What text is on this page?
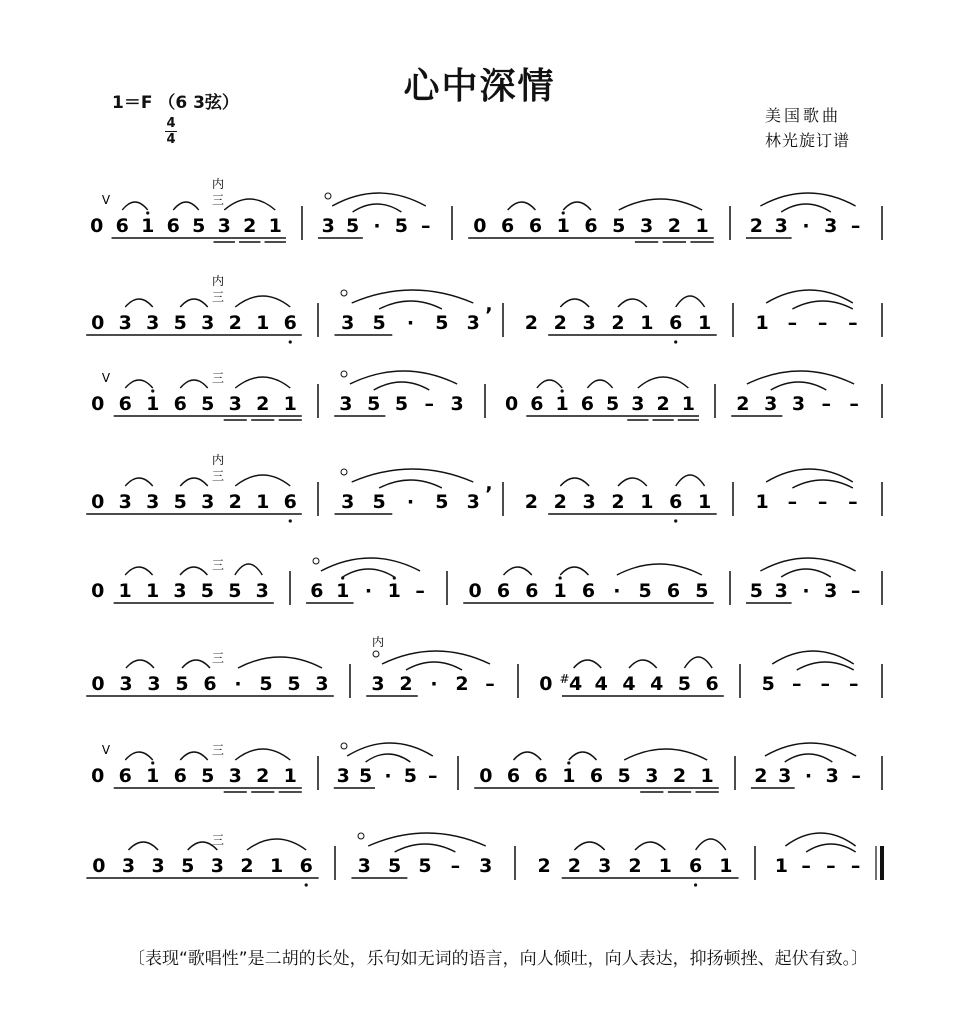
心中深情
1＝F （6 3弦）
4
4
美国歌曲
林光旋订谱
0 6 1 6 5 3 2 1 3 5 · 5 – 0 6 6 1 6 5 3 2 1 2 3 · 3 –
三
内
V
0 3 3 5 3 2 1 6 3 5 · 5 3 2 2 3 2 1 6 1 1 – – –
三
内
,
0 6 1 6 5 3 2 1 3 5 5 – 3 0 6 1 6 5 3 2 1 2 3 3 – –
三
V
0 3 3 5 3 2 1 6 3 5 · 5 3 2 2 3 2 1 6 1 1 – – –
三
内
,
0 1 1 3 5 5 3 6 1 · 1 – 0 6 6 1 6 · 5 6 5 5 3 · 3 –
三
0 3 3 5 6 · 5 5 3 3 2 · 2 – 0 # 4 4 4 4 5 6 5 – – –
三
内
0 6 1 6 5 3 2 1 3 5 · 5 – 0 6 6 1 6 5 3 2 1 2 3 · 3 –
三
V
0 3 3 5 3 2 1 6 3 5 5 – 3 2 2 3 2 1 6 1 1 – – –
三
〔表现“歌唱性”是二胡的长处，乐句如无词的语言，向人倾吐，向人表达，抑扬顿挫、起伏有致。〕
